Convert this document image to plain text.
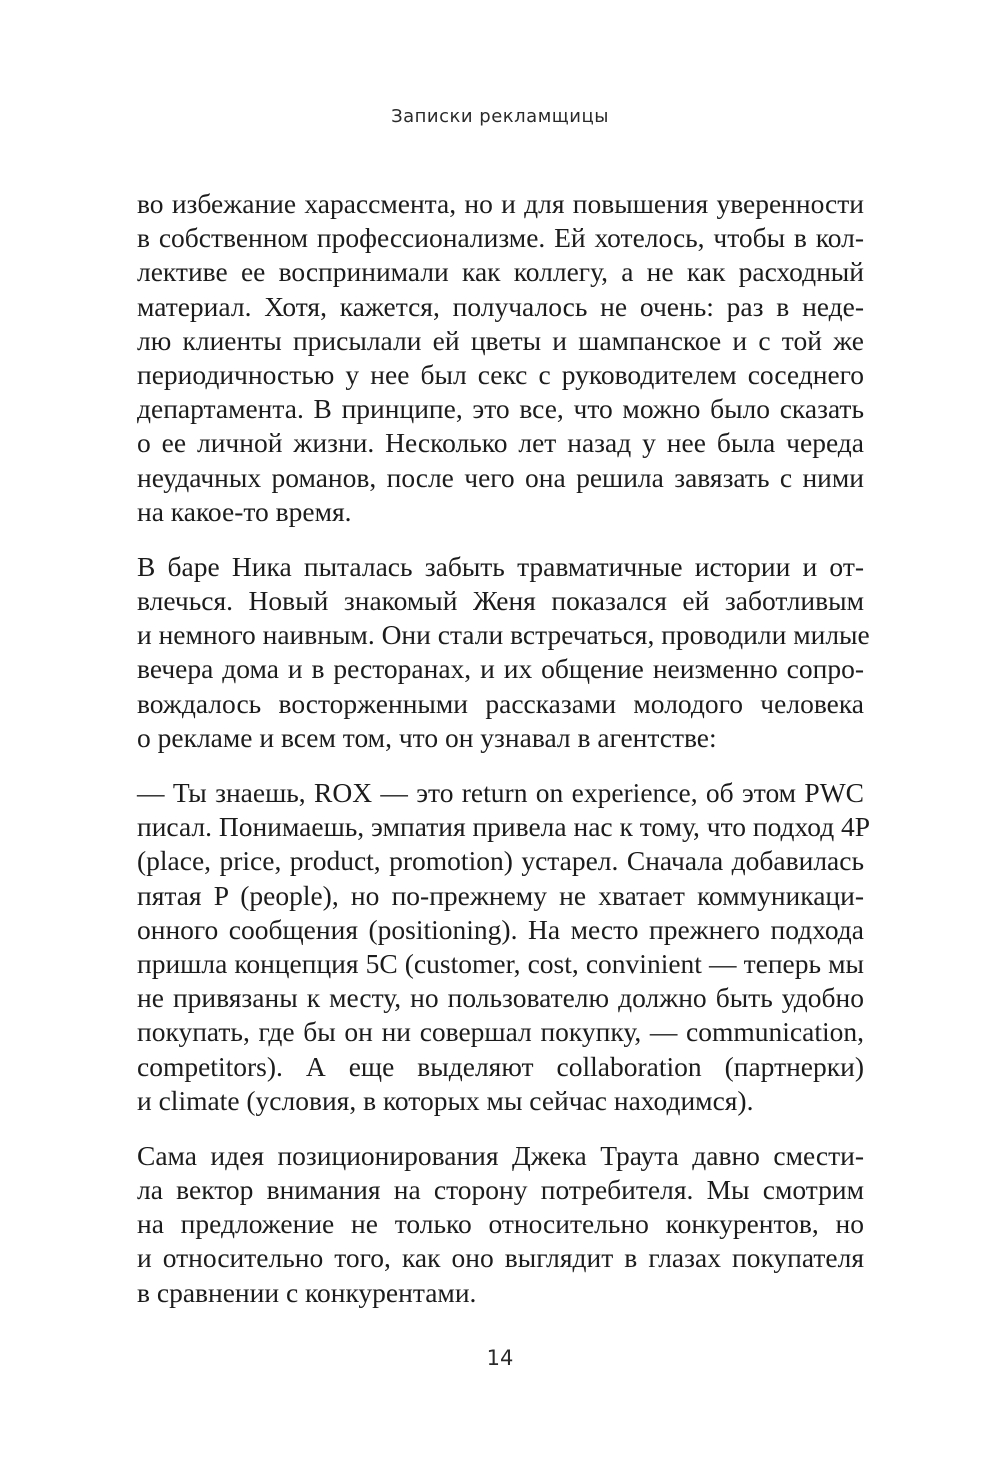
Записки рекламщицы
во избежание харассмента, но и для повышения уверенности
в собственном профессионализме. Ей хотелось, чтобы в кол-
лективе ее воспринимали как коллегу, а не как расходный
материал. Хотя, кажется, получалось не очень: раз в неде-
лю клиенты присылали ей цветы и шампанское и с той же
периодичностью у нее был секс с руководителем соседнего
департамента. В принципе, это все, что можно было сказать
о ее личной жизни. Несколько лет назад у нее была череда
неудачных романов, после чего она решила завязать с ними
на какое-то время.
В баре Ника пыталась забыть травматичные истории и от-
влечься. Новый знакомый Женя показался ей заботливым
и немного наивным. Они стали встречаться, проводили милые
вечера дома и в ресторанах, и их общение неизменно сопро-
вождалось восторженными рассказами молодого человека
о рекламе и всем том, что он узнавал в агентстве:
— Ты знаешь, ROX — это return on experience, об этом PWC
писал. Понимаешь, эмпатия привела нас к тому, что подход 4P
(place, price, product, promotion) устарел. Сначала добавилась
пятая P (people), но по-прежнему не хватает коммуникаци-
онного сообщения (positioning). На место прежнего подхода
пришла концепция 5C (customer, cost, convinient — теперь мы
не привязаны к месту, но пользователю должно быть удобно
покупать, где бы он ни совершал покупку, — communication,
competitors). А еще выделяют collaboration (партнерки)
и climate (условия, в которых мы сейчас находимся).
Сама идея позиционирования Джека Траута давно смести-
ла вектор внимания на сторону потребителя. Мы смотрим
на предложение не только относительно конкурентов, но
и относительно того, как оно выглядит в глазах покупателя
в сравнении с конкурентами.
14
